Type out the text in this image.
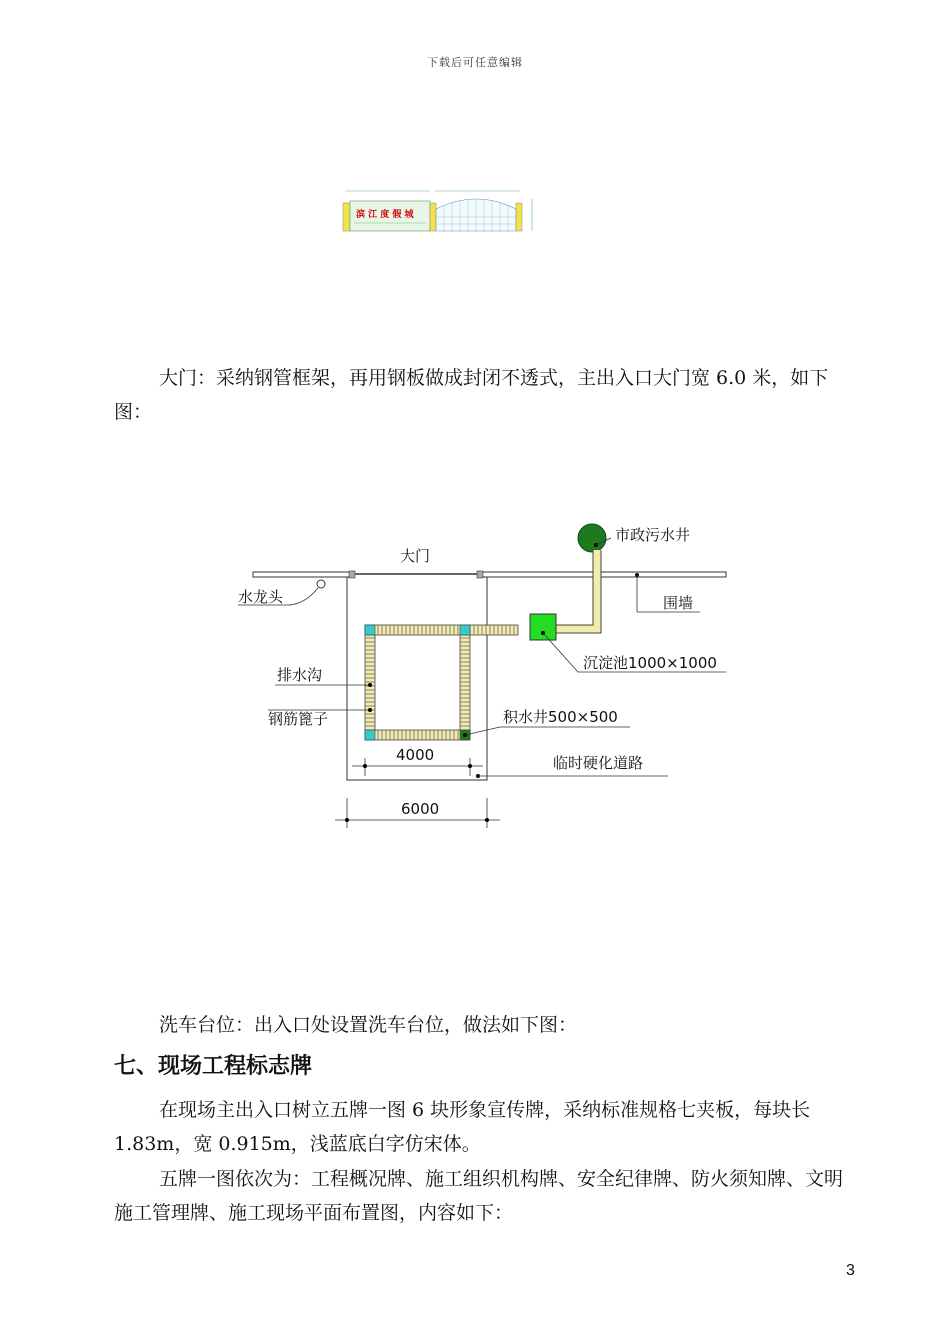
下载后可任意编辑
滨 江 度 假 城
大门：采纳钢管框架，再用钢板做成封闭不透式，主出入口大门宽 6.0 米，如下图：
大门
市政污水井
水龙头	围墙
沉淀池1000×1000
排水沟
钢筋篦子	积水井500×500
4000	临时硬化道路
6000
洗车台位：出入口处设置洗车台位，做法如下图：
七、现场工程标志牌
在现场主出入口树立五牌一图 6 块形象宣传牌，采纳标准规格七夹板，每块长 1.83m，宽 0.915m，浅蓝底白字仿宋体。
五牌一图依次为：工程概况牌、施工组织机构牌、安全纪律牌、防火须知牌、文明施工管理牌、施工现场平面布置图，内容如下：
3
